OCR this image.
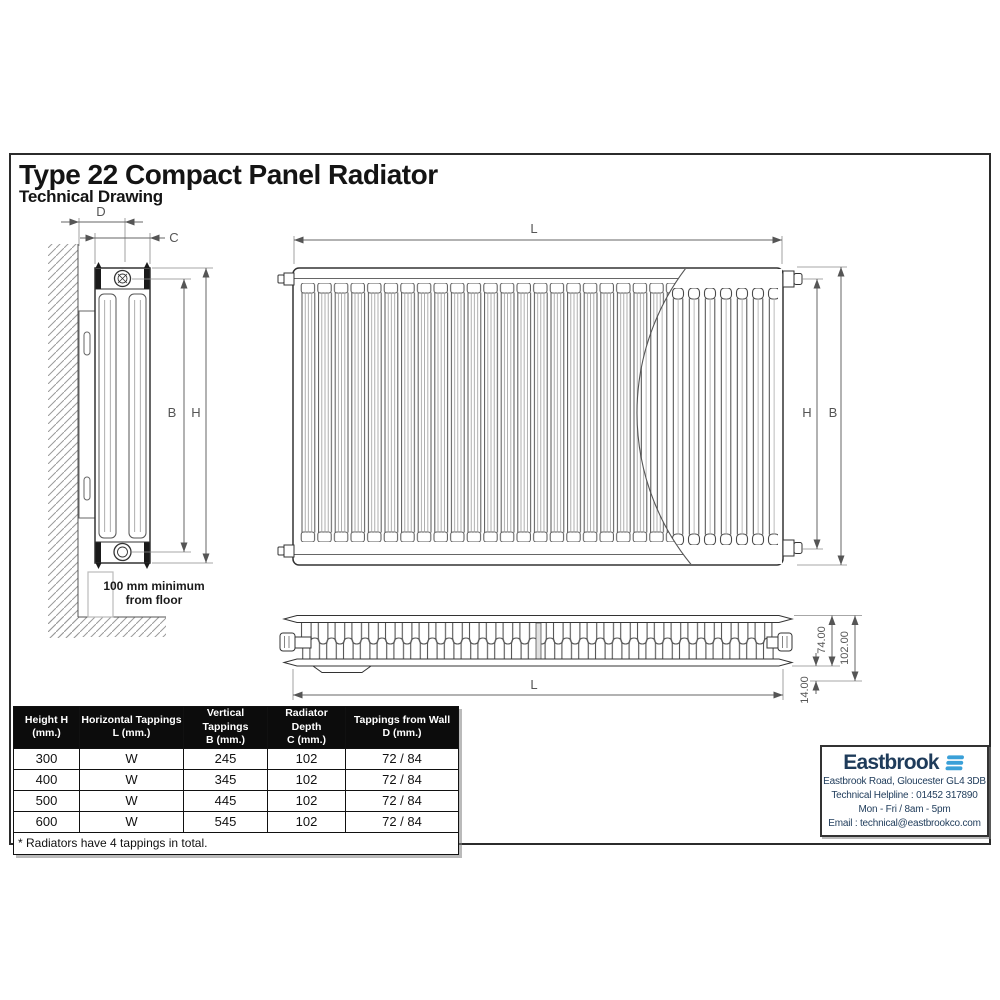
Type 22 Compact Panel Radiator
Technical Drawing
D
C
B H
100 mm minimum
from floor
L
H B
L
74.00 102.00
14.00
Height H
(mm.)

Horizontal Tappings
L (mm.)

Vertical Tappings
B (mm.)

Radiator Depth
C (mm.)

Tappings from Wall
D (mm.)

300	W	245	102	72 / 84
400	W	345	102	72 / 84
500	W	445	102	72 / 84
600	W	545	102	72 / 84
* Radiators have 4 tappings in total.				
Eastbrook
Eastbrook Road, Gloucester GL4 3DB
Technical Helpline : 01452 317890
Mon - Fri / 8am - 5pm
Email : technical@eastbrookco.com
